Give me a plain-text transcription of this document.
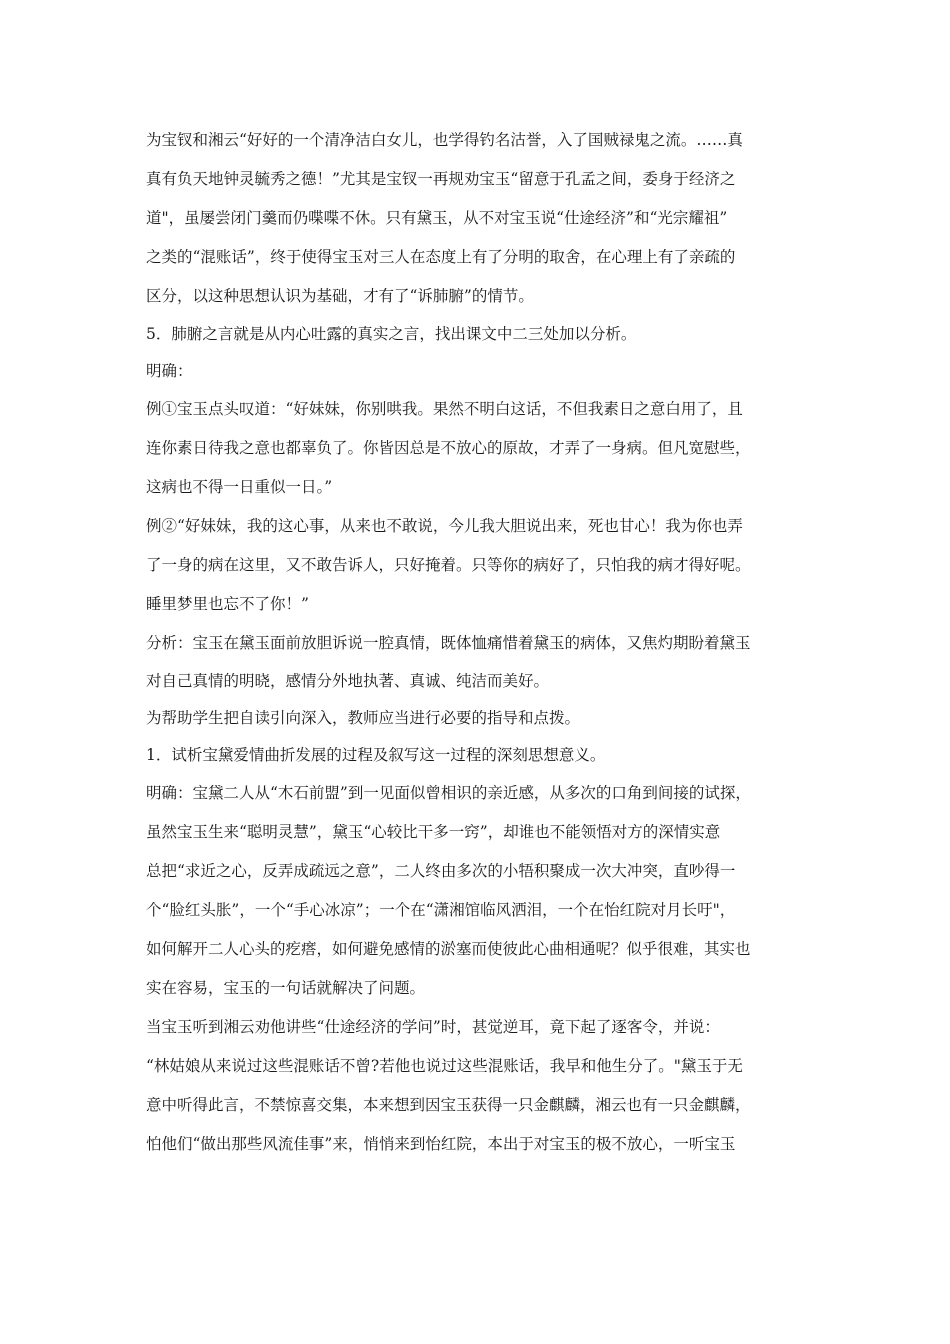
为宝钗和湘云“好好的一个清净洁白女儿，也学得钓名沽誉，入了国贼禄鬼之流。……真
真有负天地钟灵毓秀之德！”尤其是宝钗一再规劝宝玉“留意于孔孟之间，委身于经济之
道"，虽屡尝闭门羹而仍喋喋不休。只有黛玉，从不对宝玉说“仕途经济”和“光宗耀祖”
之类的“混账话”，终于使得宝玉对三人在态度上有了分明的取舍，在心理上有了亲疏的
区分，以这种思想认识为基础，才有了“诉肺腑”的情节。
5．肺腑之言就是从内心吐露的真实之言，找出课文中二三处加以分析。
明确：
例①宝玉点头叹道：“好妹妹，你别哄我。果然不明白这话，不但我素日之意白用了，且
连你素日待我之意也都辜负了。你皆因总是不放心的原故，才弄了一身病。但凡宽慰些，
这病也不得一日重似一日。”
例②“好妹妹，我的这心事，从来也不敢说，今儿我大胆说出来，死也甘心！我为你也弄
了一身的病在这里，又不敢告诉人，只好掩着。只等你的病好了，只怕我的病才得好呢。
睡里梦里也忘不了你！”
分析：宝玉在黛玉面前放胆诉说一腔真情，既体恤痛惜着黛玉的病体，又焦灼期盼着黛玉
对自己真情的明晓，感情分外地执著、真诚、纯洁而美好。
为帮助学生把自读引向深入，教师应当进行必要的指导和点拨。
1．试析宝黛爱情曲折发展的过程及叙写这一过程的深刻思想意义。
明确：宝黛二人从“木石前盟”到一见面似曾相识的亲近感，从多次的口角到间接的试探，
虽然宝玉生来“聪明灵慧”，黛玉“心较比干多一窍”，却谁也不能领悟对方的深情实意
总把“求近之心，反弄成疏远之意”，二人终由多次的小牾积聚成一次大冲突，直吵得一
个“脸红头胀”，一个“手心冰凉”；一个在“潇湘馆临风洒泪，一个在怡红院对月长吁"，
如何解开二人心头的疙瘩，如何避免感情的淤塞而使彼此心曲相通呢？似乎很难，其实也
实在容易，宝玉的一句话就解决了问题。
当宝玉听到湘云劝他讲些“仕途经济的学问”时，甚觉逆耳，竟下起了逐客令，并说：
“林姑娘从来说过这些混账话不曾?若他也说过这些混账话，我早和他生分了。"黛玉于无
意中听得此言，不禁惊喜交集，本来想到因宝玉获得一只金麒麟，湘云也有一只金麒麟，
怕他们“做出那些风流佳事”来，悄悄来到怡红院，本出于对宝玉的极不放心，一听宝玉
